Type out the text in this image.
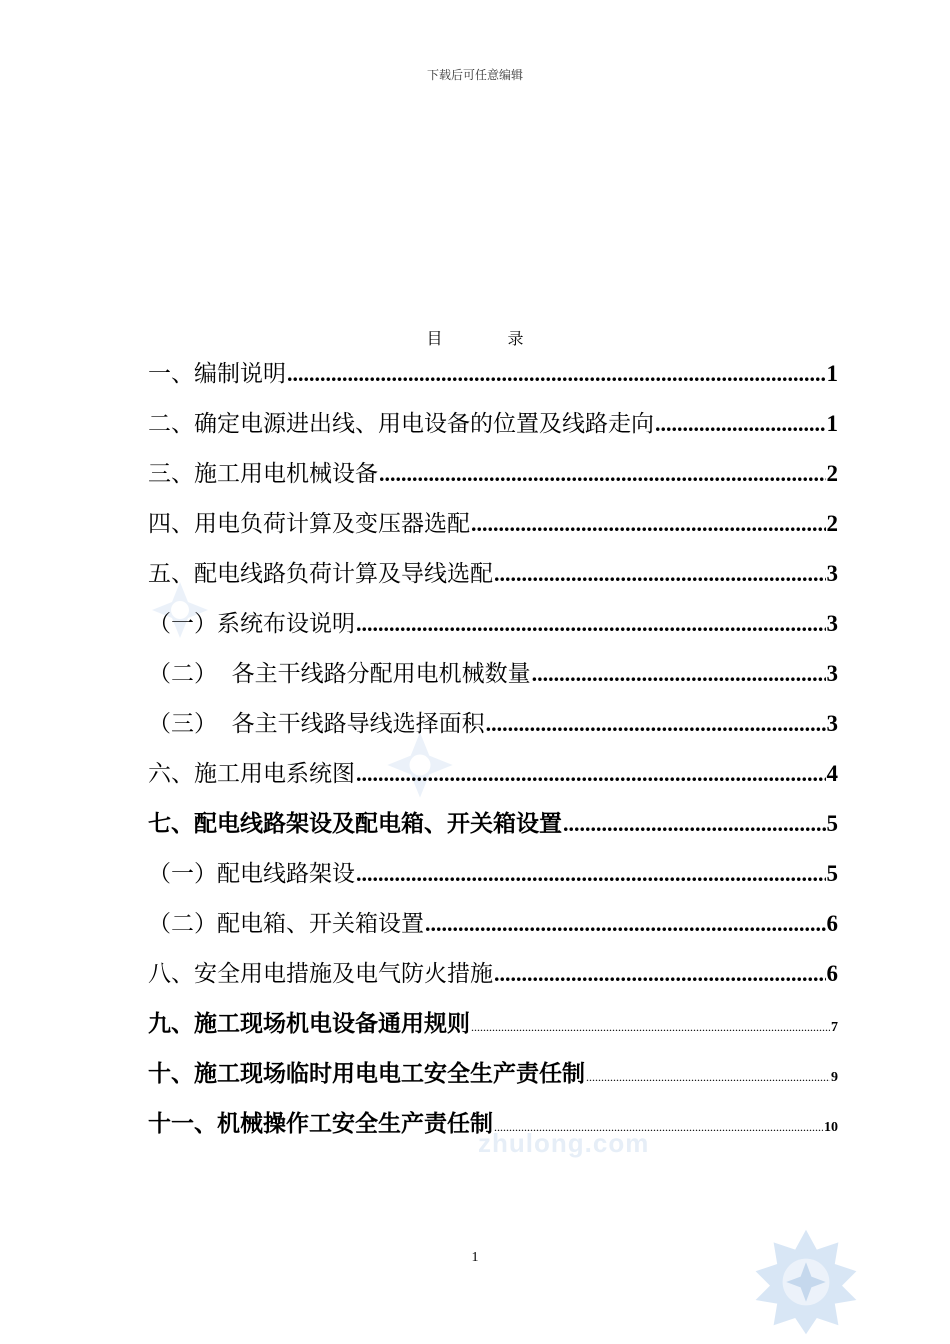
下载后可任意编辑
目 录
一、编制说明 .....	1
二、确定电源进出线、用电设备的位置及线路走向 .....	1
三、施工用电机械设备 .....	2
四、用电负荷计算及变压器选配 .....	2
五、配电线路负荷计算及导线选配 .....	3
（一）系统布设说明 .....	3
（二）  各主干线路分配用电机械数量 .....	3
（三）  各主干线路导线选择面积 .....	3
六、施工用电系统图 .....	4
七、配电线路架设及配电箱、开关箱设置 .....	5
（一）配电线路架设 .....	5
（二）配电箱、开关箱设置 .....	6
八、安全用电措施及电气防火措施 .....	6
九、施工现场机电设备通用规则 .....	7
十、施工现场临时用电电工安全生产责任制 .....	9
十一、机械操作工安全生产责任制 .....	10
zhulong.com
1
